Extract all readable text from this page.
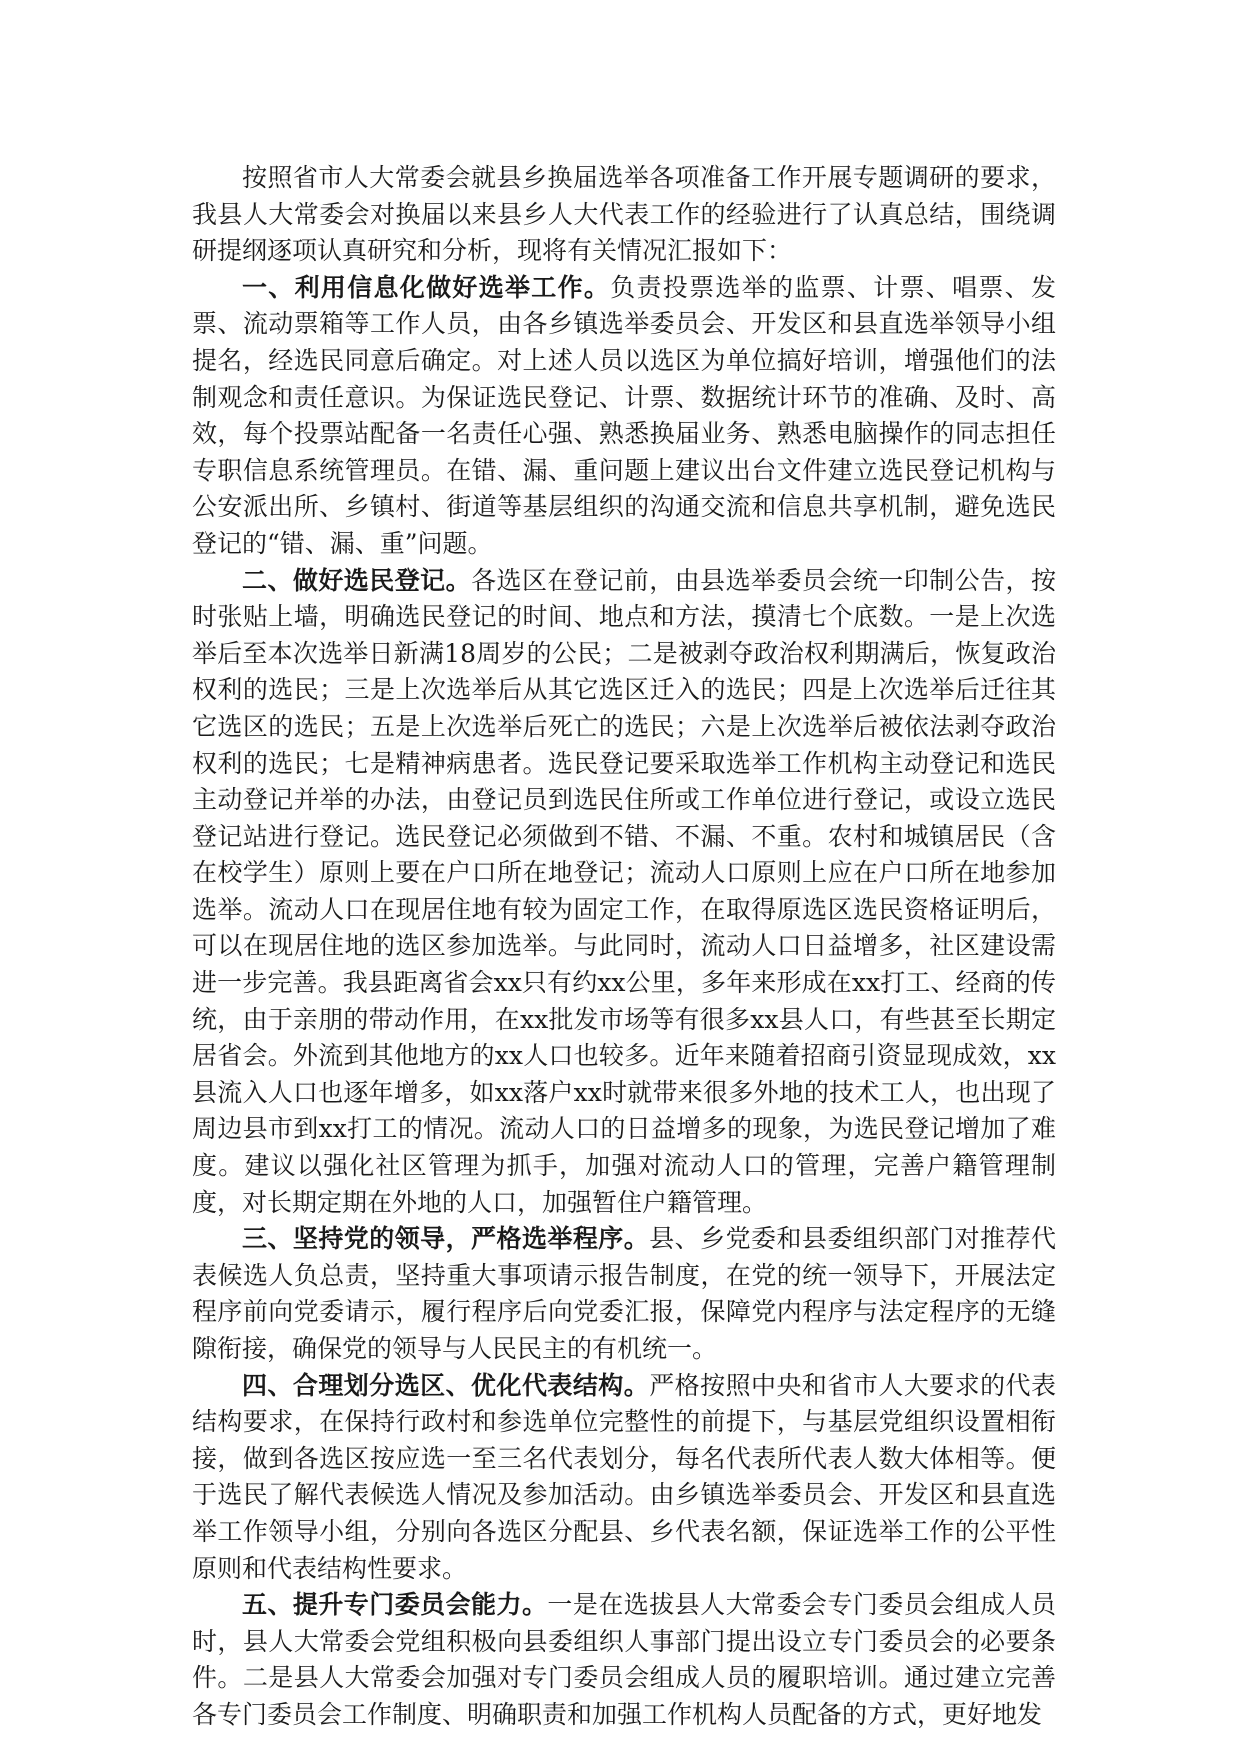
按照省市人大常委会就县乡换届选举各项准备工作开展专题调研的要求，我县人大常委会对换届以来县乡人大代表工作的经验进行了认真总结，围绕调研提纲逐项认真研究和分析，现将有关情况汇报如下：

一、利用信息化做好选举工作。负责投票选举的监票、计票、唱票、发票、流动票箱等工作人员，由各乡镇选举委员会、开发区和县直选举领导小组提名，经选民同意后确定。对上述人员以选区为单位搞好培训，增强他们的法制观念和责任意识。为保证选民登记、计票、数据统计环节的准确、及时、高效，每个投票站配备一名责任心强、熟悉换届业务、熟悉电脑操作的同志担任专职信息系统管理员。在错、漏、重问题上建议出台文件建立选民登记机构与公安派出所、乡镇村、街道等基层组织的沟通交流和信息共享机制，避免选民登记的“错、漏、重”问题。

二、做好选民登记。各选区在登记前，由县选举委员会统一印制公告，按时张贴上墙，明确选民登记的时间、地点和方法，摸清七个底数。一是上次选举后至本次选举日新满18周岁的公民；二是被剥夺政治权利期满后，恢复政治权利的选民；三是上次选举后从其它选区迁入的选民；四是上次选举后迁往其它选区的选民；五是上次选举后死亡的选民；六是上次选举后被依法剥夺政治权利的选民；七是精神病患者。选民登记要采取选举工作机构主动登记和选民主动登记并举的办法，由登记员到选民住所或工作单位进行登记，或设立选民登记站进行登记。选民登记必须做到不错、不漏、不重。农村和城镇居民（含在校学生）原则上要在户口所在地登记；流动人口原则上应在户口所在地参加选举。流动人口在现居住地有较为固定工作，在取得原选区选民资格证明后，可以在现居住地的选区参加选举。与此同时，流动人口日益增多，社区建设需进一步完善。我县距离省会xx只有约xx公里，多年来形成在xx打工、经商的传统，由于亲朋的带动作用，在xx批发市场等有很多xx县人口，有些甚至长期定居省会。外流到其他地方的xx人口也较多。近年来随着招商引资显现成效，xx县流入人口也逐年增多，如xx落户xx时就带来很多外地的技术工人，也出现了周边县市到xx打工的情况。流动人口的日益增多的现象，为选民登记增加了难度。建议以强化社区管理为抓手，加强对流动人口的管理，完善户籍管理制度，对长期定期在外地的人口，加强暂住户籍管理。

三、坚持党的领导，严格选举程序。县、乡党委和县委组织部门对推荐代表候选人负总责，坚持重大事项请示报告制度，在党的统一领导下，开展法定程序前向党委请示，履行程序后向党委汇报，保障党内程序与法定程序的无缝隙衔接，确保党的领导与人民民主的有机统一。

四、合理划分选区、优化代表结构。严格按照中央和省市人大要求的代表结构要求，在保持行政村和参选单位完整性的前提下，与基层党组织设置相衔接，做到各选区按应选一至三名代表划分，每名代表所代表人数大体相等。便于选民了解代表候选人情况及参加活动。由乡镇选举委员会、开发区和县直选举工作领导小组，分别向各选区分配县、乡代表名额，保证选举工作的公平性原则和代表结构性要求。

五、提升专门委员会能力。一是在选拔县人大常委会专门委员会组成人员时，县人大常委会党组积极向县委组织人事部门提出设立专门委员会的必要条件。二是县人大常委会加强对专门委员会组成人员的履职培训。通过建立完善各专门委员会工作制度、明确职责和加强工作机构人员配备的方式，更好地发
